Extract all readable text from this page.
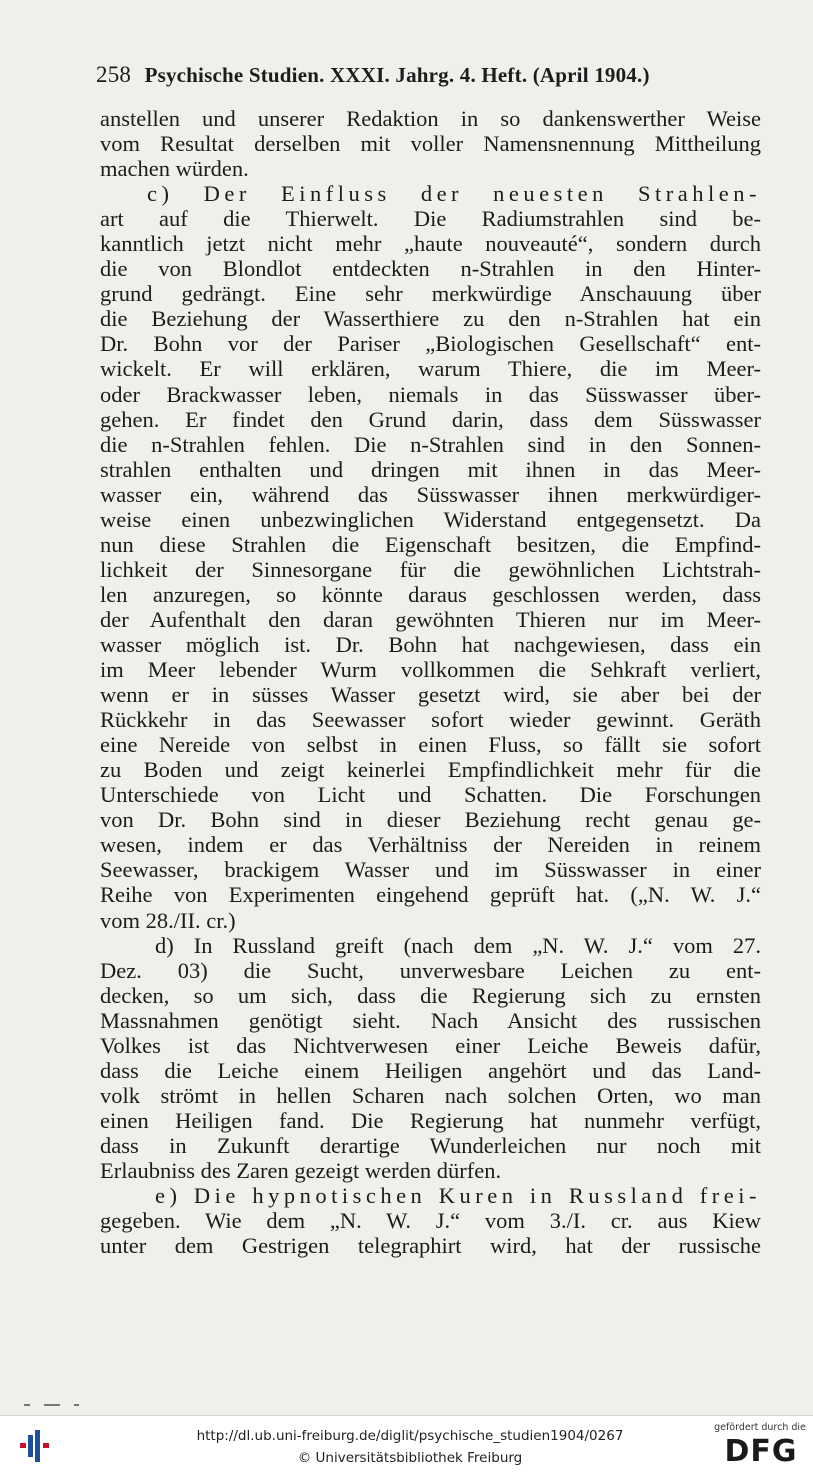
258 Psychische Studien. XXXI. Jahrg. 4. Heft. (April 1904.)
anstellen und unserer Redaktion in so dankenswerther Weise
vom Resultat derselben mit voller Namensnennung Mittheilung
machen würden.
c) Der Einfluss der neuesten Strahlen-
art auf die Thierwelt. Die Radiumstrahlen sind be-
kanntlich jetzt nicht mehr „haute nouveauté“, sondern durch
die von Blondlot entdeckten n-Strahlen in den Hinter-
grund gedrängt. Eine sehr merkwürdige Anschauung über
die Beziehung der Wasserthiere zu den n-Strahlen hat ein
Dr. Bohn vor der Pariser „Biologischen Gesellschaft“ ent-
wickelt. Er will erklären, warum Thiere, die im Meer-
oder Brackwasser leben, niemals in das Süsswasser über-
gehen. Er findet den Grund darin, dass dem Süsswasser
die n-Strahlen fehlen. Die n-Strahlen sind in den Sonnen-
strahlen enthalten und dringen mit ihnen in das Meer-
wasser ein, während das Süsswasser ihnen merkwürdiger-
weise einen unbezwinglichen Widerstand entgegensetzt. Da
nun diese Strahlen die Eigenschaft besitzen, die Empfind-
lichkeit der Sinnesorgane für die gewöhnlichen Lichtstrah-
len anzuregen, so könnte daraus geschlossen werden, dass
der Aufenthalt den daran gewöhnten Thieren nur im Meer-
wasser möglich ist. Dr. Bohn hat nachgewiesen, dass ein
im Meer lebender Wurm vollkommen die Sehkraft verliert,
wenn er in süsses Wasser gesetzt wird, sie aber bei der
Rückkehr in das Seewasser sofort wieder gewinnt. Geräth
eine Nereide von selbst in einen Fluss, so fällt sie sofort
zu Boden und zeigt keinerlei Empfindlichkeit mehr für die
Unterschiede von Licht und Schatten. Die Forschungen
von Dr. Bohn sind in dieser Beziehung recht genau ge-
wesen, indem er das Verhältniss der Nereiden in reinem
Seewasser, brackigem Wasser und im Süsswasser in einer
Reihe von Experimenten eingehend geprüft hat. („N. W. J.“
vom 28./II. cr.)
d) In Russland greift (nach dem „N. W. J.“ vom 27.
Dez. 03) die Sucht, unverwesbare Leichen zu ent-
decken, so um sich, dass die Regierung sich zu ernsten
Massnahmen genötigt sieht. Nach Ansicht des russischen
Volkes ist das Nichtverwesen einer Leiche Beweis dafür,
dass die Leiche einem Heiligen angehört und das Land-
volk strömt in hellen Scharen nach solchen Orten, wo man
einen Heiligen fand. Die Regierung hat nunmehr verfügt,
dass in Zukunft derartige Wunderleichen nur noch mit
Erlaubniss des Zaren gezeigt werden dürfen.
e) Die hypnotischen Kuren in Russland frei-
gegeben. Wie dem „N. W. J.“ vom 3./I. cr. aus Kiew
unter dem Gestrigen telegraphirt wird, hat der russische
http://dl.ub.uni-freiburg.de/diglit/psychische_studien1904/0267
© Universitätsbibliothek Freiburg
gefördert durch die
DFG
